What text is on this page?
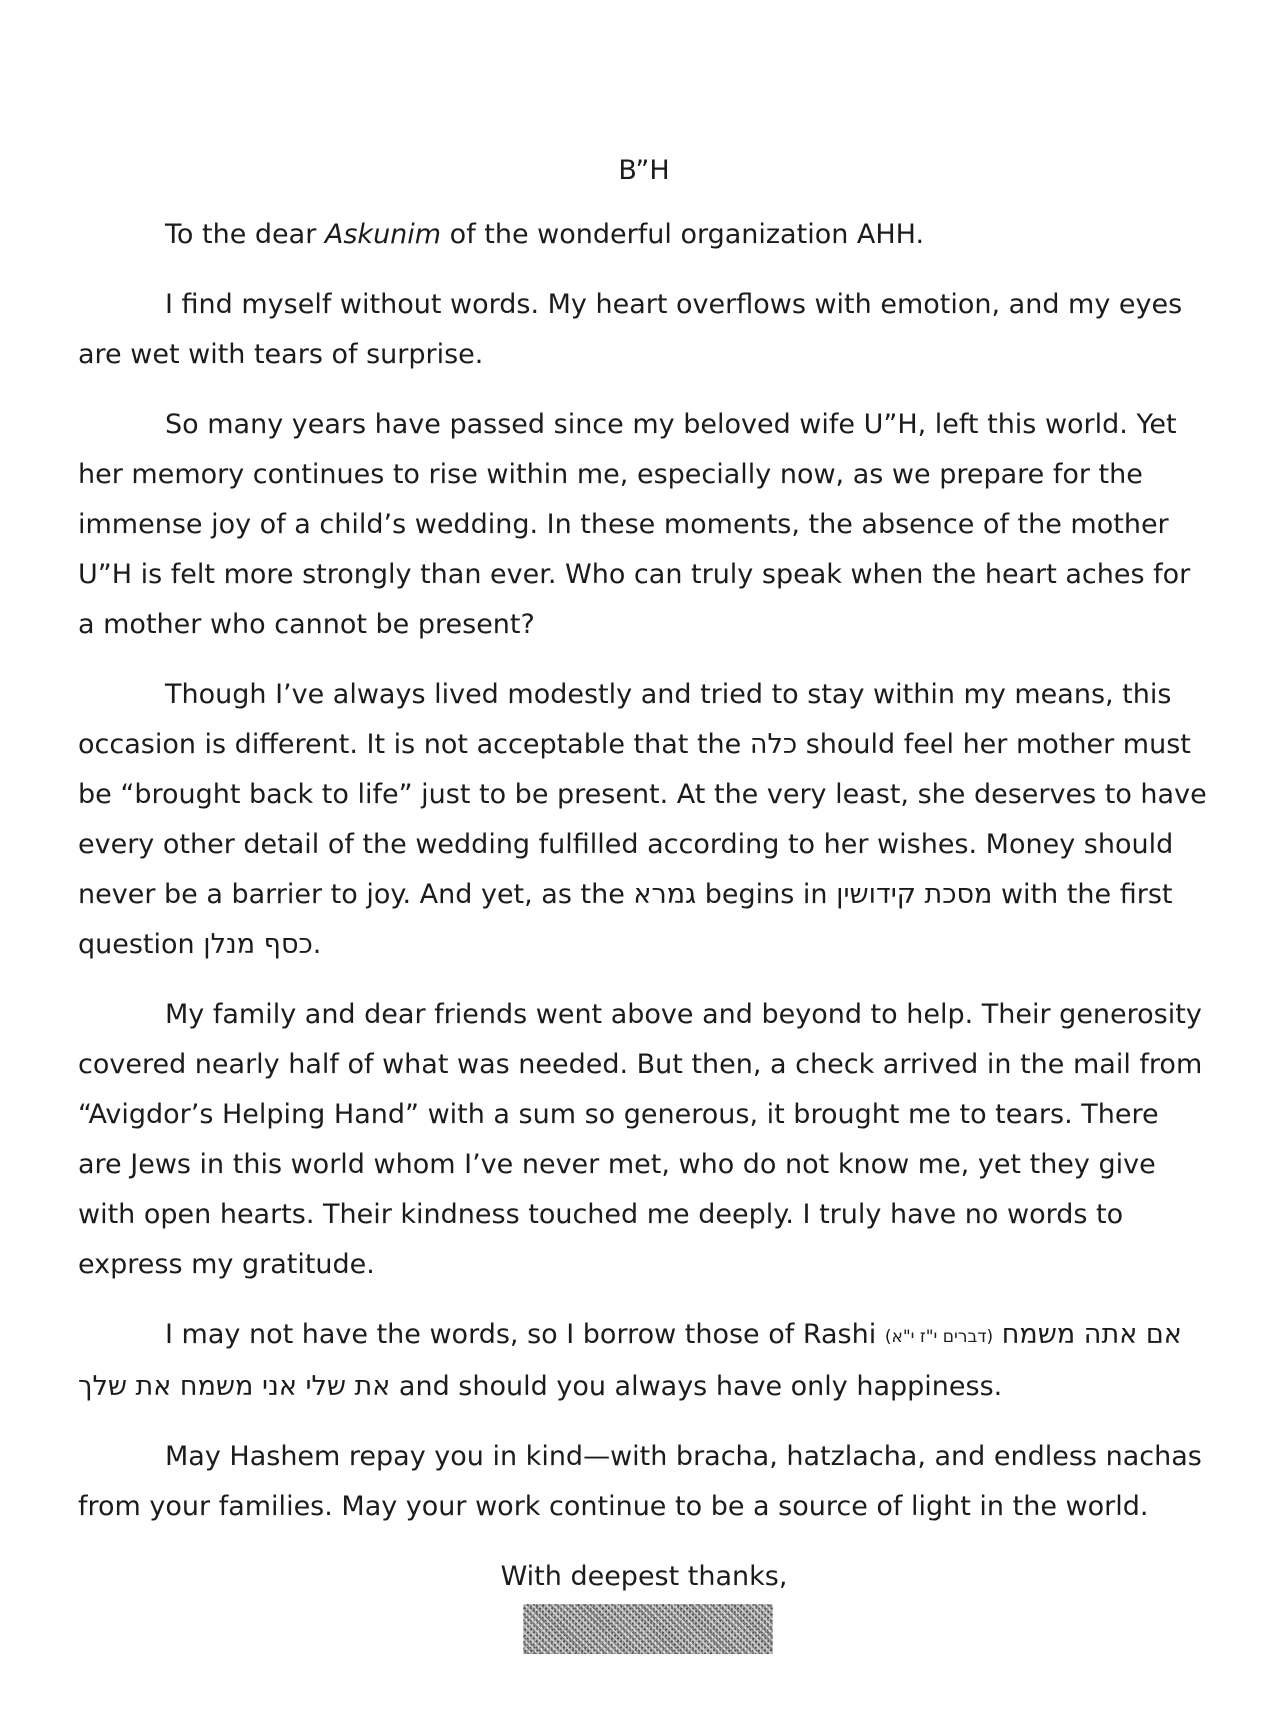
B”H

To the dear Askunim of the wonderful organization AHH.

I find myself without words. My heart overflows with emotion, and my eyes are wet with tears of surprise.

So many years have passed since my beloved wife U”H, left this world. Yet her memory continues to rise within me, especially now, as we prepare for the immense joy of a child’s wedding. In these moments, the absence of the mother U”H is felt more strongly than ever. Who can truly speak when the heart aches for a mother who cannot be present?

Though I’ve always lived modestly and tried to stay within my means, this occasion is different. It is not acceptable that the כלה should feel her mother must be “brought back to life” just to be present. At the very least, she deserves to have every other detail of the wedding fulfilled according to her wishes. Money should never be a barrier to joy. And yet, as the גמרא begins in מסכת קידושין with the first question כסף מנלן.

My family and dear friends went above and beyond to help. Their generosity covered nearly half of what was needed. But then, a check arrived in the mail from “Avigdor’s Helping Hand” with a sum so generous, it brought me to tears. There are Jews in this world whom I’ve never met, who do not know me, yet they give with open hearts. Their kindness touched me deeply. I truly have no words to express my gratitude.

I may not have the words, so I borrow those of Rashi (דברים י"ז י"א) אם אתה משמח את שלי אני משמח את שלך and should you always have only happiness.

May Hashem repay you in kind—with bracha, hatzlacha, and endless nachas from your families. May your work continue to be a source of light in the world.

With deepest thanks,
